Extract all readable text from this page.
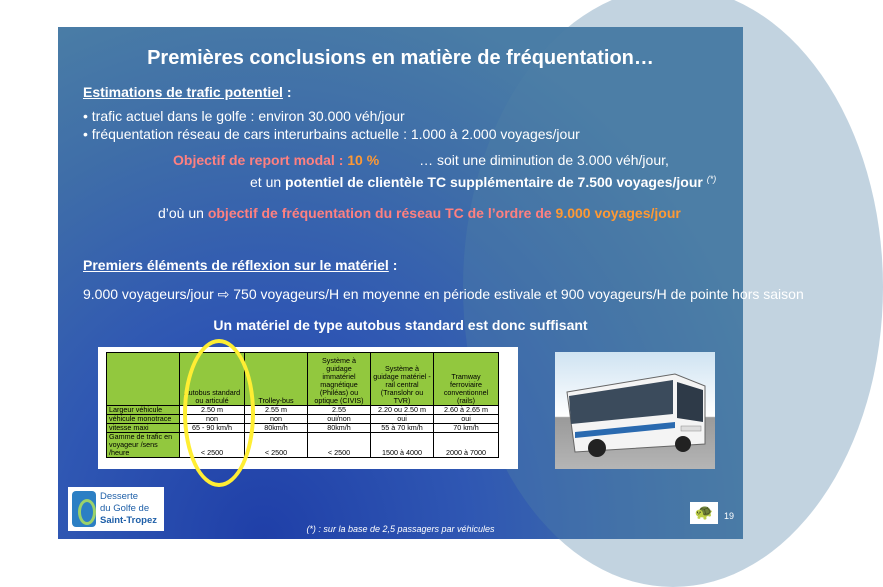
Premières conclusions en matière de fréquentation…
Estimations de trafic potentiel :
• trafic actuel dans le golfe : environ 30.000 véh/jour
• fréquentation réseau de cars interurbains actuelle : 1.000 à 2.000 voyages/jour
Objectif de report modal : 10 %	… soit une diminution de 3.000 véh/jour,
et un potentiel de clientèle TC supplémentaire de 7.500 voyages/jour (*)
d’où un objectif de fréquentation du réseau TC de l’ordre de 9.000 voyages/jour
Premiers éléments de réflexion sur le matériel :
9.000 voyageurs/jour ⇨ 750 voyageurs/H en moyenne en période estivale et 900 voyageurs/H de pointe hors saison
Un matériel de type autobus standard est donc suffisant
	Autobus standard ou articulé	Trolley-bus	Système à guidage immatériel magnétique (Philéas) ou optique (CIVIS)	Système à guidage matériel - rail central (Translohr ou TVR)	Tramway ferroviaire conventionnel (rails)
Largeur véhicule	2.50 m	2.55 m	2.55	2.20 ou 2.50 m	2.60 à 2.65 m
véhicule monotrace	non	non	oui/non	oui	oui
vitesse maxi	65 - 90 km/h	80km/h	80km/h	55 à 70 km/h	70 km/h
Gamme de trafic en voyageur /sens /heure	< 2500	< 2500	< 2500	1500 à 4000	2000 à 7000
Desserte
du Golfe de
Saint-Tropez	🐢	19
(*) : sur la base de 2,5 passagers par véhicules
